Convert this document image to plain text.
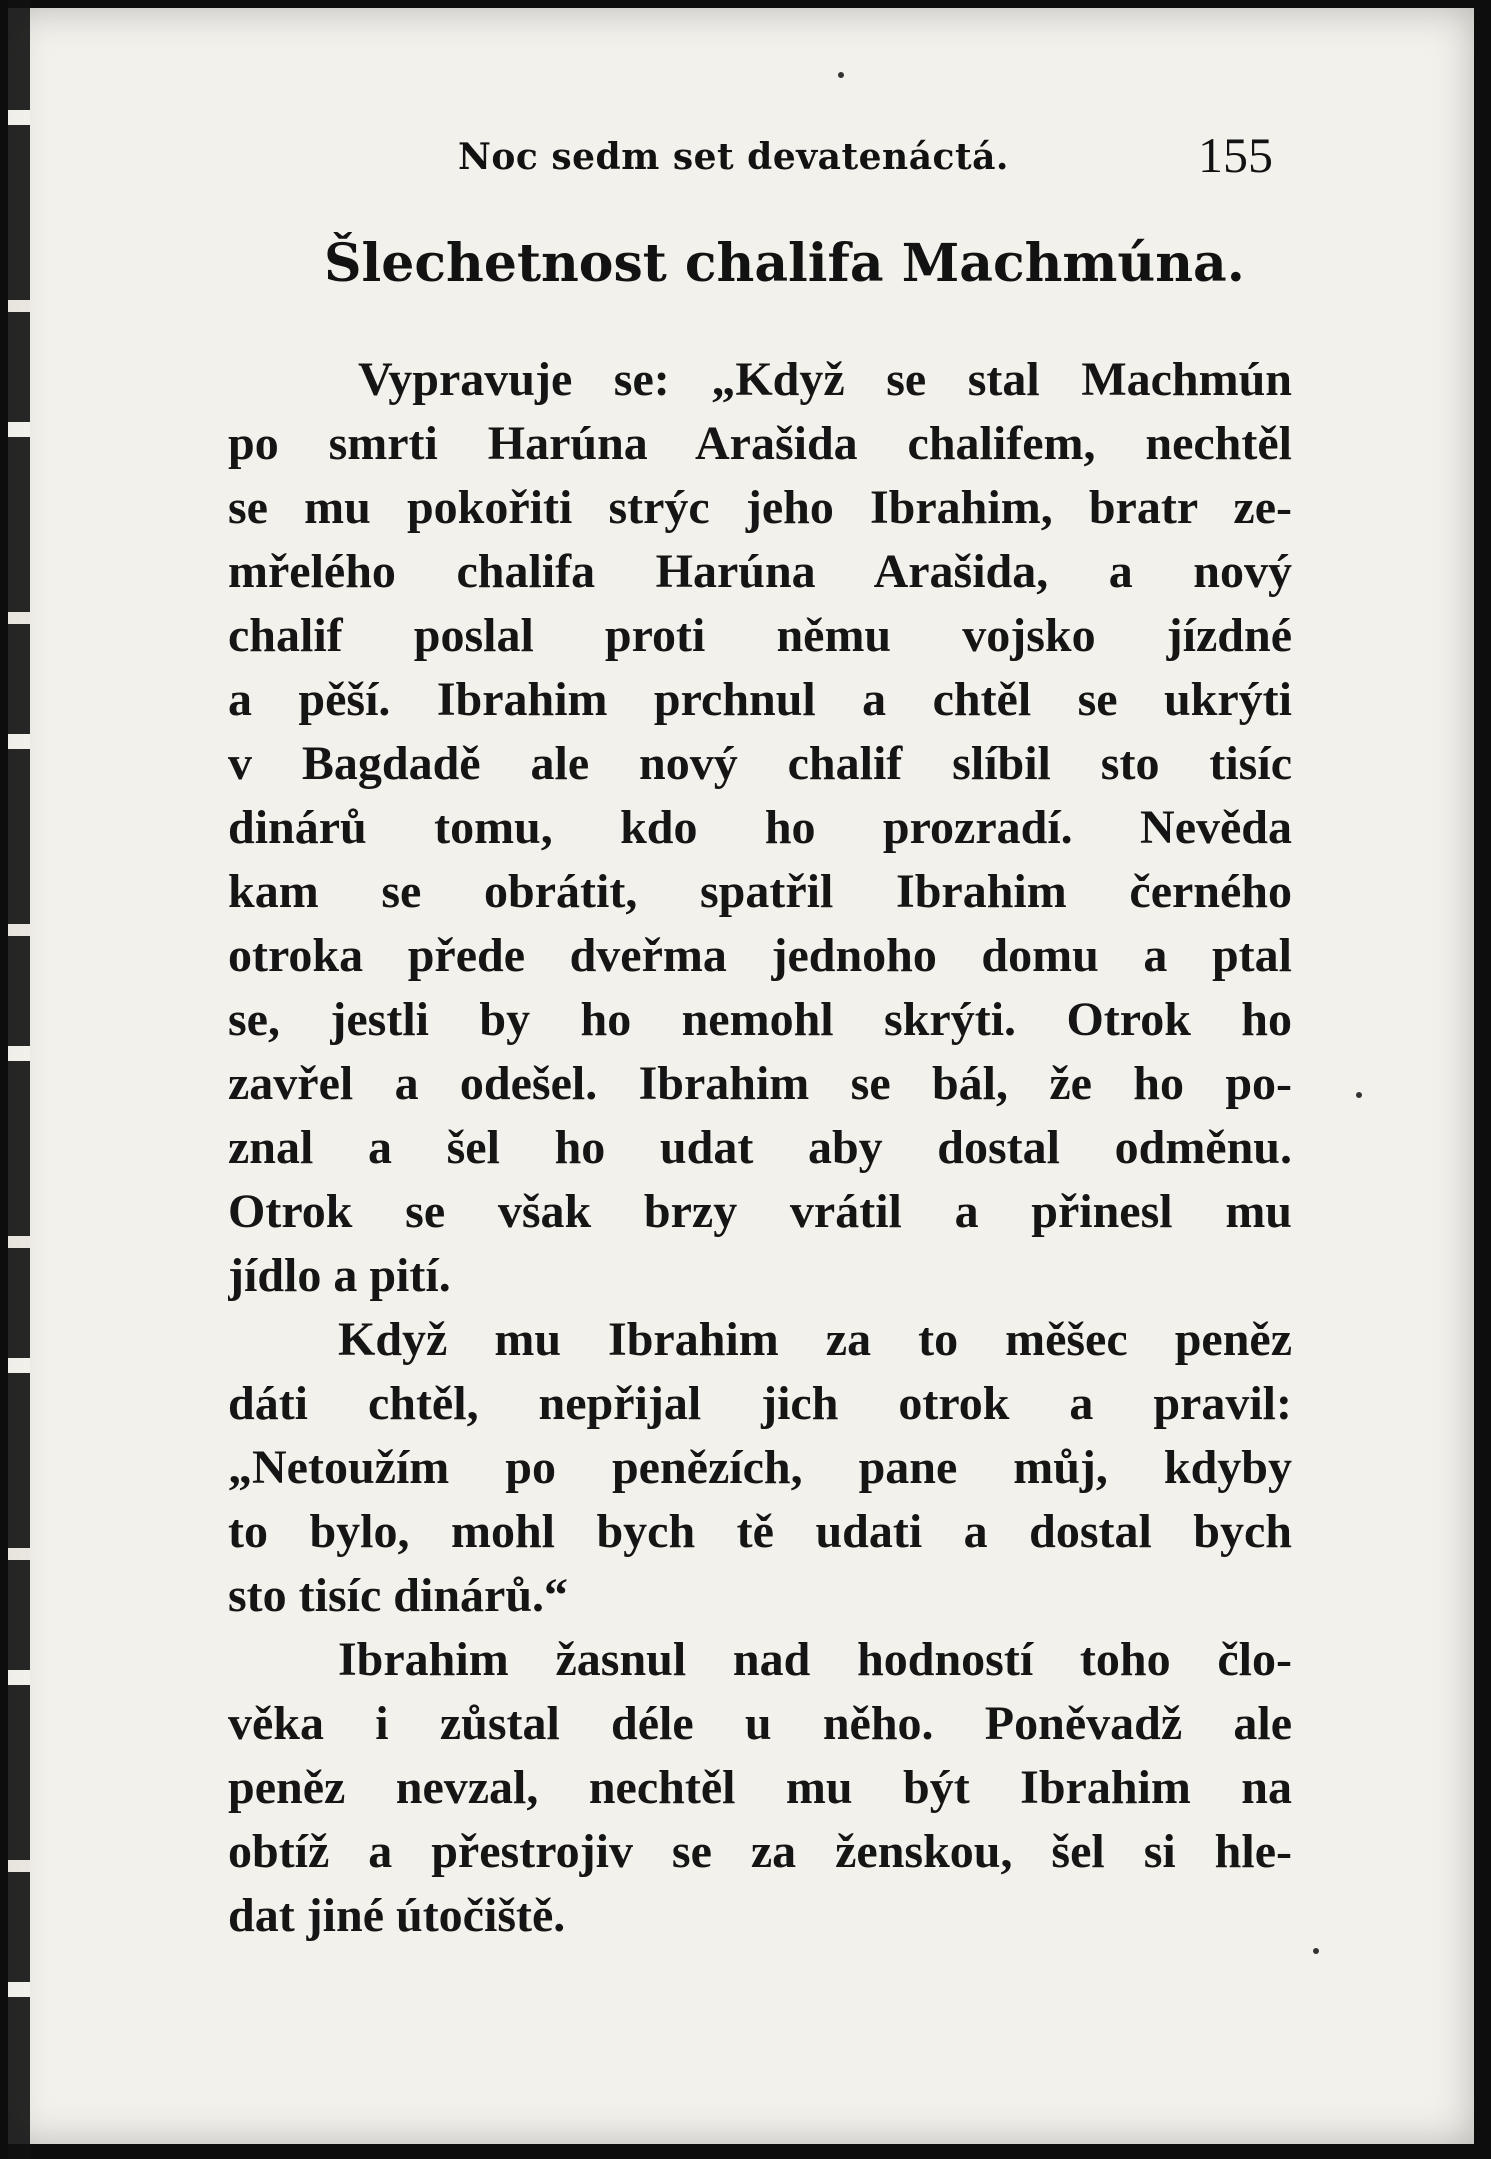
Noc sedm set devatenáctá.	155
Šlechetnost chalifa Machmúna.
Vypravuje se: „Když se stal Machmún
po smrti Harúna Arašida chalifem, nechtěl
se mu pokořiti strýc jeho Ibrahim, bratr ze-
mřelého chalifa Harúna Arašida, a nový
chalif poslal proti němu vojsko jízdné
a pěší. Ibrahim prchnul a chtěl se ukrýti
v Bagdadě ale nový chalif slíbil sto tisíc
dinárů tomu, kdo ho prozradí. Nevěda
kam se obrátit, spatřil Ibrahim černého
otroka přede dveřma jednoho domu a ptal
se, jestli by ho nemohl skrýti. Otrok ho
zavřel a odešel. Ibrahim se bál, že ho po-
znal a šel ho udat aby dostal odměnu.
Otrok se však brzy vrátil a přinesl mu
jídlo a pití.
Když mu Ibrahim za to měšec peněz
dáti chtěl, nepřijal jich otrok a pravil:
„Netoužím po penězích, pane můj, kdyby
to bylo, mohl bych tě udati a dostal bych
sto tisíc dinárů.“
Ibrahim žasnul nad hodností toho člo-
věka i zůstal déle u něho. Poněvadž ale
peněz nevzal, nechtěl mu být Ibrahim na
obtíž a přestrojiv se za ženskou, šel si hle-
dat jiné útočiště.
